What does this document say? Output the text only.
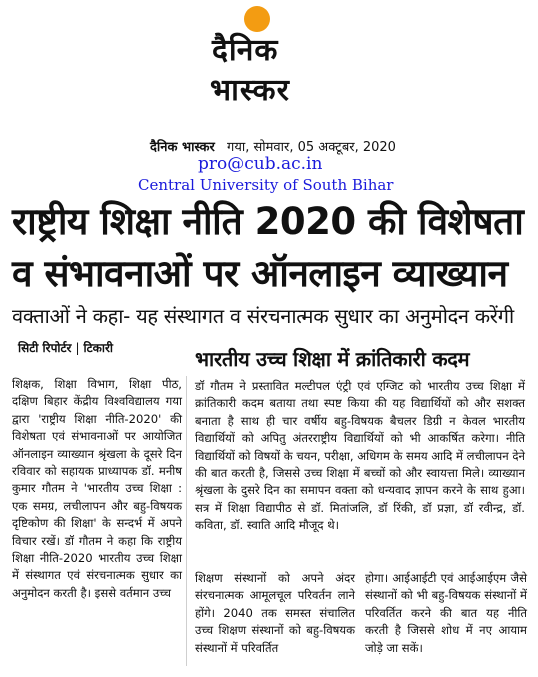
दैनिक
भास्कर
दैनिक भास्कर गया, सोमवार, 05 अक्टूबर, 2020
pro@cub.ac.in
Central University of South Bihar
राष्ट्रीय शिक्षा नीति 2020 की विशेषता
व संभावनाओं पर ऑनलाइन व्याख्यान
वक्ताओं ने कहा- यह संस्थागत व संरचनात्मक सुधार का अनुमोदन करेंगी
सिटी रिपोर्टर | टिकारी	भारतीय उच्च शिक्षा में क्रांतिकारी कदम
शिक्षक, शिक्षा विभाग, शिक्षा पीठ, दक्षिण बिहार केंद्रीय विश्वविद्यालय गया द्वारा 'राष्ट्रीय शिक्षा नीति-2020' की विशेषता एवं संभावनाओं पर आयोजित ऑनलाइन व्याख्यान श्रृंखला के दूसरे दिन रविवार को सहायक प्राध्यापक डॉ. मनीष कुमार गौतम ने 'भारतीय उच्च शिक्षा : एक समग्र, लचीलापन और बहु-विषयक दृष्टिकोण की शिक्षा' के सन्दर्भ में अपने विचार रखें। डॉ गौतम ने कहा कि राष्ट्रीय शिक्षा नीति-2020 भारतीय उच्च शिक्षा में संस्थागत एवं संरचनात्मक सुधार का अनुमोदन करती है। इससे वर्तमान उच्च
डॉ गौतम ने प्रस्तावित मल्टीपल एंट्री एवं एग्जिट को भारतीय उच्च शिक्षा में क्रांतिकारी कदम बताया तथा स्पष्ट किया की यह विद्यार्थियों को और सशक्त बनाता है साथ ही चार वर्षीय बहु-विषयक बैचलर डिग्री न केवल भारतीय विद्यार्थियों को अपितु अंतरराष्ट्रीय विद्यार्थियों को भी आकर्षित करेगा। नीति विद्यार्थियों को विषयों के चयन, परीक्षा, अधिगम के समय आदि में लचीलापन देने की बात करती है, जिससे उच्च शिक्षा में बच्चों को और स्वायत्ता मिले। व्याख्यान श्रृंखला के दुसरे दिन का समापन वक्ता को धन्यवाद ज्ञापन करने के साथ हुआ। सत्र में शिक्षा विद्यापीठ से डॉ. मितांजलि, डॉ रिंकी, डॉ प्रज्ञा, डॉ रवीन्द्र, डॉ. कविता, डॉ. स्वाति आदि मौजूद थे।
शिक्षण संस्थानों को अपने अंदर संरचनात्मक आमूलचूल परिवर्तन लाने होंगे। 2040 तक समस्त संचालित उच्च शिक्षण संस्थानों को बहु-विषयक संस्थानों में परिवर्तित
होगा। आईआईटी एवं आईआईएम जैसे संस्थानों को भी बहु-विषयक संस्थानों में परिवर्तित करने की बात यह नीति करती है जिससे शोध में नए आयाम जोड़े जा सकें।
